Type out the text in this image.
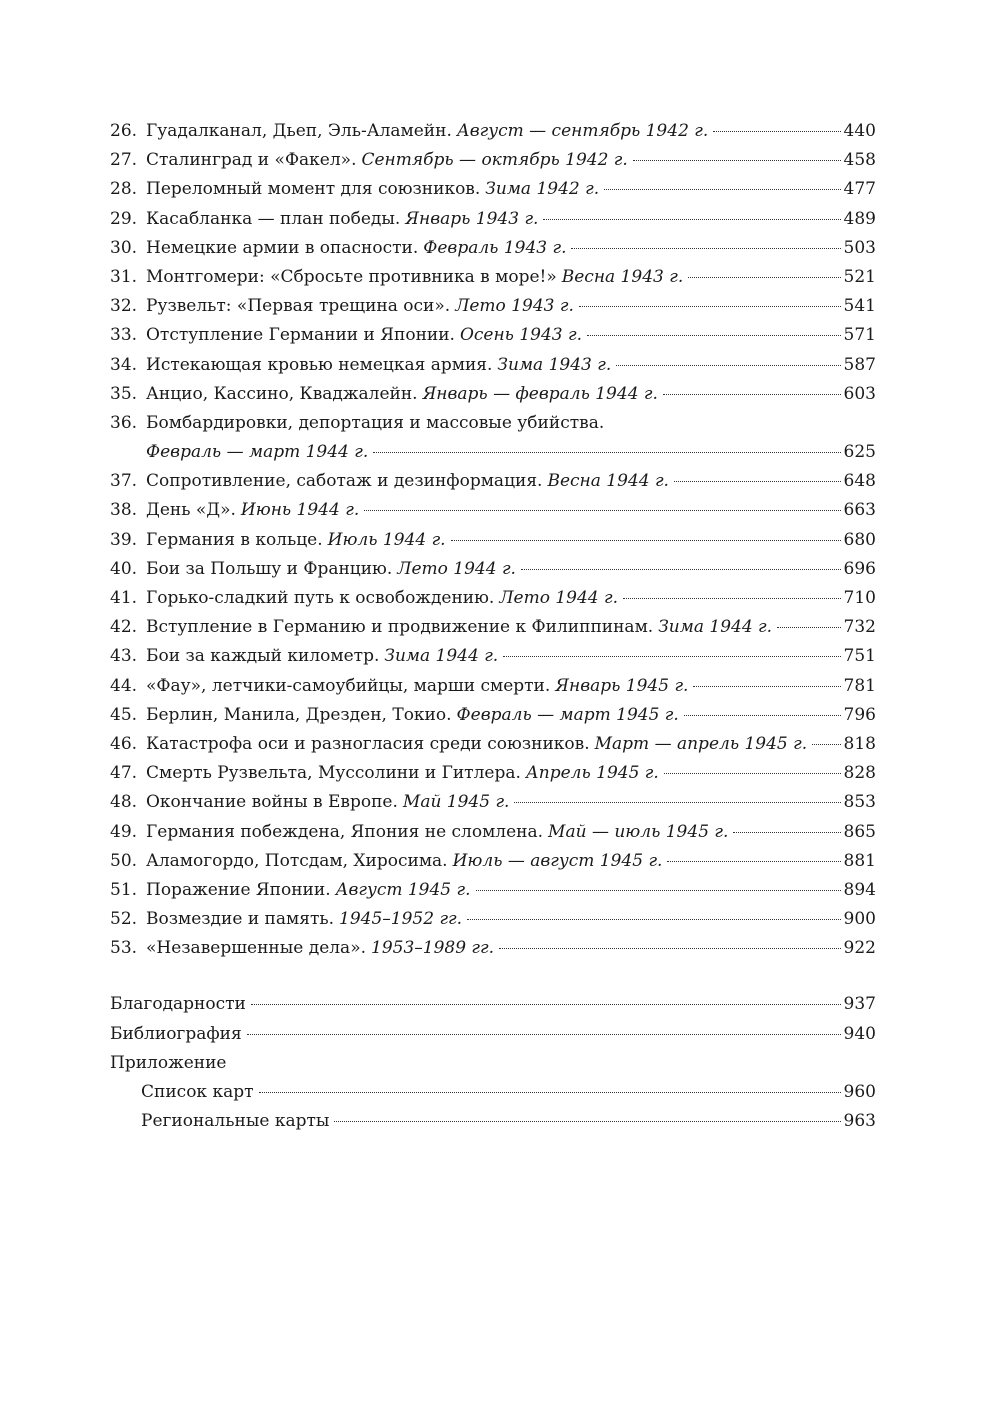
26. Гуадалканал, Дьеп, Эль-Аламейн. Август — сентябрь 1942 г.	440
27. Сталинград и «Факел». Сентябрь — октябрь 1942 г.	458
28. Переломный момент для союзников. Зима 1942 г.	477
29. Касабланка — план победы. Январь 1943 г.	489
30. Немецкие армии в опасности. Февраль 1943 г.	503
31. Монтгомери: «Сбросьте противника в море!» Весна 1943 г.	521
32. Рузвельт: «Первая трещина оси». Лето 1943 г.	541
33. Отступление Германии и Японии. Осень 1943 г.	571
34. Истекающая кровью немецкая армия. Зима 1943 г.	587
35. Анцио, Кассино, Кваджалейн. Январь — февраль 1944 г.	603
36. Бомбардировки, депортация и массовые убийства.
Февраль — март 1944 г.	625
37. Сопротивление, саботаж и дезинформация. Весна 1944 г.	648
38. День «Д». Июнь 1944 г.	663
39. Германия в кольце. Июль 1944 г.	680
40. Бои за Польшу и Францию. Лето 1944 г.	696
41. Горько-сладкий путь к освобождению. Лето 1944 г.	710
42. Вступление в Германию и продвижение к Филиппинам. Зима 1944 г.	732
43. Бои за каждый километр. Зима 1944 г.	751
44. «Фау», летчики-самоубийцы, марши смерти. Январь 1945 г.	781
45. Берлин, Манила, Дрезден, Токио. Февраль — март 1945 г.	796
46. Катастрофа оси и разногласия среди союзников. Март — апрель 1945 г. 818
47. Смерть Рузвельта, Муссолини и Гитлера. Апрель 1945 г.	828
48. Окончание войны в Европе. Май 1945 г.	853
49. Германия побеждена, Япония не сломлена. Май — июль 1945 г.	865
50. Аламогордо, Потсдам, Хиросима. Июль — август 1945 г.	881
51. Поражение Японии. Август 1945 г.	894
52. Возмездие и память. 1945–1952 гг.	900
53. «Незавершенные дела». 1953–1989 гг.	922
Благодарности	937
Библиография	940
Приложение
Список карт	960
Региональные карты	963
